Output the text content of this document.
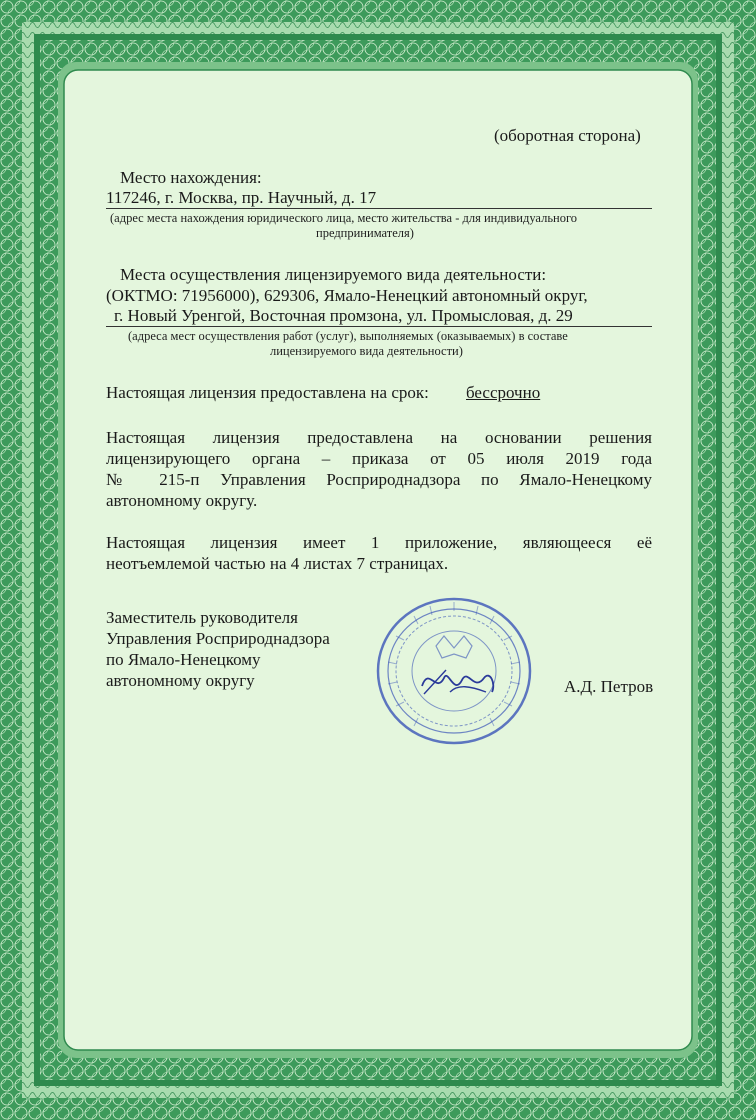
(оборотная сторона)
Место нахождения:
117246, г. Москва, пр. Научный, д. 17
(адрес места нахождения юридического лица, место жительства - для индивидуального
предпринимателя)
Места осуществления лицензируемого вида деятельности:
(ОКТМО: 71956000), 629306, Ямало-Ненецкий автономный округ,
г. Новый Уренгой, Восточная промзона, ул. Промысловая, д. 29
(адреса мест осуществления работ (услуг), выполняемых (оказываемых) в составе
лицензируемого вида деятельности)
Настоящая лицензия предоставлена на срок: бессрочно
Настоящая лицензия предоставлена на основании решения
лицензирующего органа – приказа от 05 июля 2019 года
№ 215-п Управления Росприроднадзора по Ямало-Ненецкому
автономному округу.
Настоящая лицензия имеет 1 приложение, являющееся её
неотъемлемой частью на 4 листах 7 страницах.
Заместитель руководителя
Управления Росприроднадзора
по Ямало-Ненецкому
автономному округу	А.Д. Петров
